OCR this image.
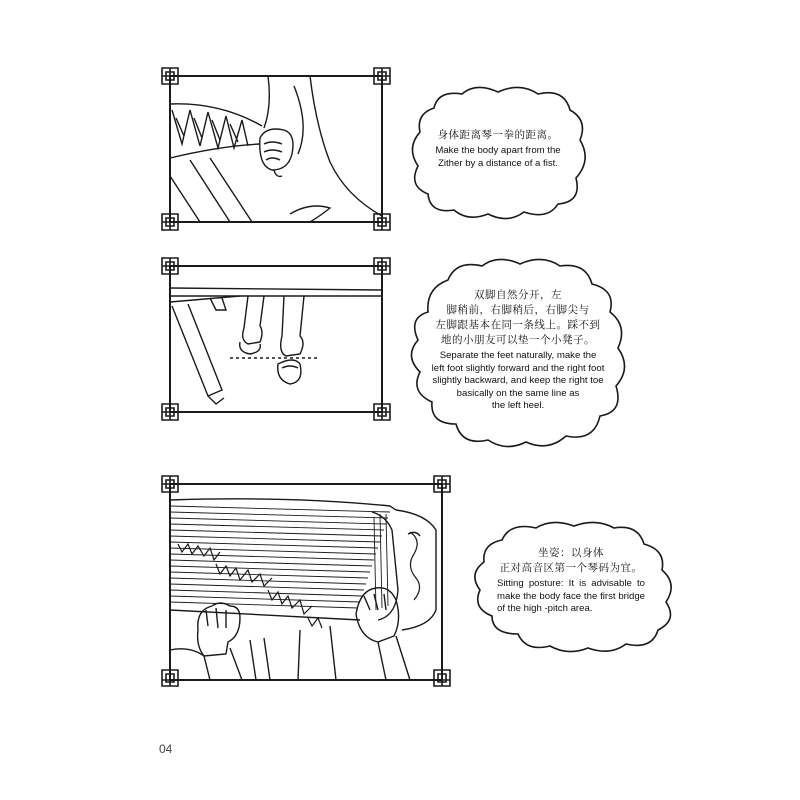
身体距离琴一拳的距离。
Make the body apart from the Zither by a distance of a fist.
双脚自然分开，左
脚稍前，右脚稍后，右脚尖与
左脚跟基本在同一条线上。踩不到
地的小朋友可以垫一个小凳子。
Separate the feet naturally, make the
left foot slightly forward and the right foot
slightly backward, and keep the right toe
basically on the same line as
the left heel.
坐姿：以身体
正对高音区第一个琴码为宜。
Sitting posture: It is advisable to make the body face the first bridge of the high -pitch area.
04
